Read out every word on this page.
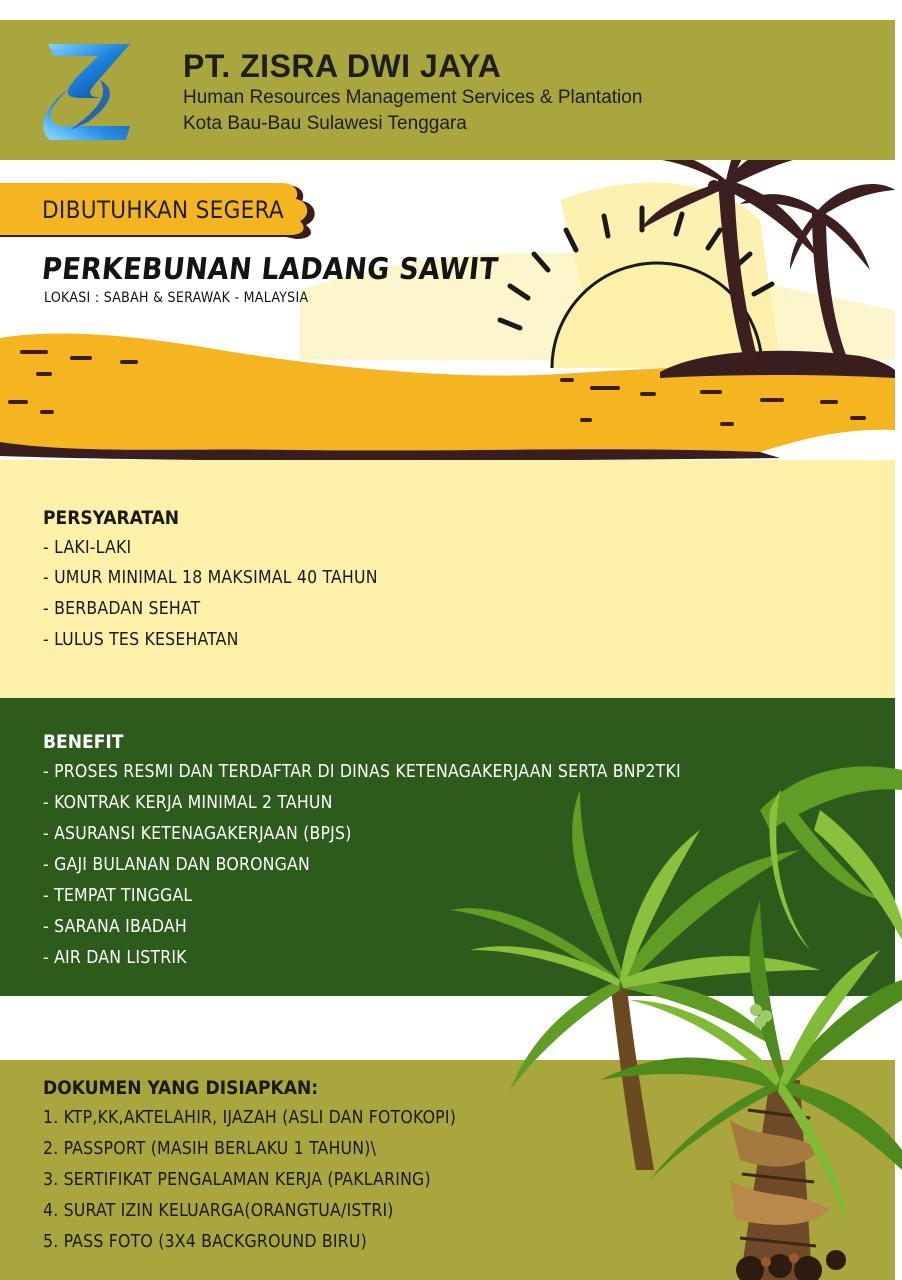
PT. ZISRA DWI JAYA
Human Resources Management Services & Plantation
Kota Bau-Bau Sulawesi Tenggara
DIBUTUHKAN SEGERA
PERKEBUNAN LADANG SAWIT
LOKASI : SABAH & SERAWAK - MALAYSIA
PERSYARATAN
- LAKI-LAKI
- UMUR MINIMAL 18 MAKSIMAL 40 TAHUN
- BERBADAN SEHAT
- LULUS TES KESEHATAN
BENEFIT
- PROSES RESMI DAN TERDAFTAR DI DINAS KETENAGAKERJAAN SERTA BNP2TKI
- KONTRAK KERJA MINIMAL 2 TAHUN
- ASURANSI KETENAGAKERJAAN (BPJS)
- GAJI BULANAN DAN BORONGAN
- TEMPAT TINGGAL
- SARANA IBADAH
- AIR DAN LISTRIK
DOKUMEN YANG DISIAPKAN:
1. KTP,KK,AKTELAHIR, IJAZAH (ASLI DAN FOTOKOPI)
2. PASSPORT (MASIH BERLAKU 1 TAHUN)\
3. SERTIFIKAT PENGALAMAN KERJA (PAKLARING)
4. SURAT IZIN KELUARGA(ORANGTUA/ISTRI)
5. PASS FOTO (3X4 BACKGROUND BIRU)
